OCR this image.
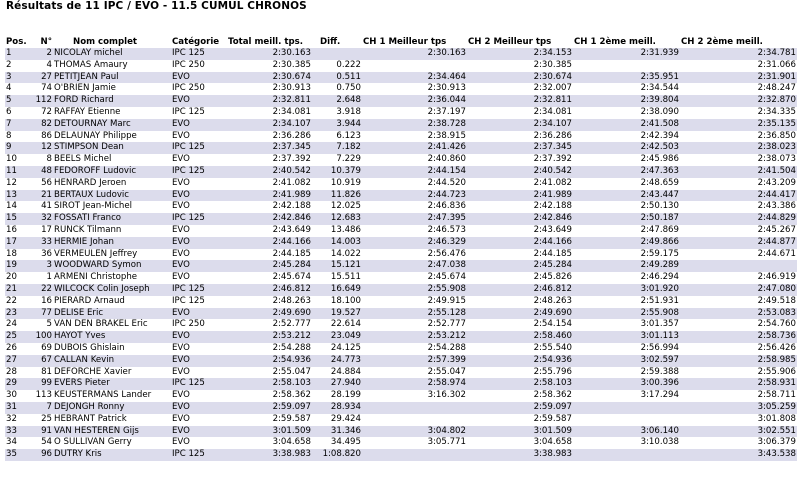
Résultats de 11 IPC / EVO - 11.5 CUMUL CHRONOS
Pos.	N°	Nom complet	Catégorie	Total meill. tps.	Diff.	CH 1 Meilleur tps	CH 2 Meilleur tps	CH 1 2ème meill.	CH 2 2ème meill.
1	2	NICOLAY michel	IPC 125	2:30.163		2:30.163	2:34.153	2:31.939	2:34.781
2	4	THOMAS Amaury	IPC 250	2:30.385	0.222		2:30.385		2:31.066
3	27	PETITJEAN Paul	EVO	2:30.674	0.511	2:34.464	2:30.674	2:35.951	2:31.901
4	74	O'BRIEN Jamie	IPC 250	2:30.913	0.750	2:30.913	2:32.007	2:34.544	2:48.247
5	112	FORD Richard	EVO	2:32.811	2.648	2:36.044	2:32.811	2:39.804	2:32.870
6	72	RAFFAY Etienne	IPC 125	2:34.081	3.918	2:37.197	2:34.081	2:38.090	2:34.335
7	82	DETOURNAY Marc	EVO	2:34.107	3.944	2:38.728	2:34.107	2:41.508	2:35.135
8	86	DELAUNAY Philippe	EVO	2:36.286	6.123	2:38.915	2:36.286	2:42.394	2:36.850
9	12	STIMPSON Dean	IPC 125	2:37.345	7.182	2:41.426	2:37.345	2:42.503	2:38.023
10	8	BEELS Michel	EVO	2:37.392	7.229	2:40.860	2:37.392	2:45.986	2:38.073
11	48	FEDOROFF Ludovic	IPC 125	2:40.542	10.379	2:44.154	2:40.542	2:47.363	2:41.504
12	56	HENRARD Jeroen	EVO	2:41.082	10.919	2:44.520	2:41.082	2:48.659	2:43.209
13	21	BERTAUX Ludovic	EVO	2:41.989	11.826	2:44.723	2:41.989	2:43.447	2:44.417
14	41	SIROT Jean-Michel	EVO	2:42.188	12.025	2:46.836	2:42.188	2:50.130	2:43.386
15	32	FOSSATI Franco	IPC 125	2:42.846	12.683	2:47.395	2:42.846	2:50.187	2:44.829
16	17	RUNCK Tilmann	EVO	2:43.649	13.486	2:46.573	2:43.649	2:47.869	2:45.267
17	33	HERMIE Johan	EVO	2:44.166	14.003	2:46.329	2:44.166	2:49.866	2:44.877
18	36	VERMEULEN Jeffrey	EVO	2:44.185	14.022	2:56.476	2:44.185	2:59.175	2:44.671
19	3	WOODWARD Symon	EVO	2:45.284	15.121	2:47.038	2:45.284	2:49.289	
20	1	ARMENI Christophe	EVO	2:45.674	15.511	2:45.674	2:45.826	2:46.294	2:46.919
21	22	WILCOCK Colin Joseph	IPC 125	2:46.812	16.649	2:55.908	2:46.812	3:01.920	2:47.080
22	16	PIERARD Arnaud	IPC 125	2:48.263	18.100	2:49.915	2:48.263	2:51.931	2:49.518
23	77	DELISE Eric	EVO	2:49.690	19.527	2:55.128	2:49.690	2:55.908	2:53.083
24	5	VAN DEN BRAKEL Eric	IPC 250	2:52.777	22.614	2:52.777	2:54.154	3:01.357	2:54.760
25	100	HAYOT Yves	EVO	2:53.212	23.049	2:53.212	2:58.460	3:01.113	2:58.736
26	69	DUBOIS Ghislain	EVO	2:54.288	24.125	2:54.288	2:55.540	2:56.994	2:56.426
27	67	CALLAN Kevin	EVO	2:54.936	24.773	2:57.399	2:54.936	3:02.597	2:58.985
28	81	DEFORCHE Xavier	EVO	2:55.047	24.884	2:55.047	2:55.796	2:59.388	2:55.906
29	99	EVERS Pieter	IPC 125	2:58.103	27.940	2:58.974	2:58.103	3:00.396	2:58.931
30	113	KEUSTERMANS Lander	EVO	2:58.362	28.199	3:16.302	2:58.362	3:17.294	2:58.711
31	7	DEJONGH Ronny	EVO	2:59.097	28.934		2:59.097		3:05.259
32	25	HEBRANT Patrick	EVO	2:59.587	29.424		2:59.587		3:01.808
33	91	VAN HESTEREN Gijs	EVO	3:01.509	31.346	3:04.802	3:01.509	3:06.140	3:02.551
34	54	O SULLIVAN Gerry	EVO	3:04.658	34.495	3:05.771	3:04.658	3:10.038	3:06.379
35	96	DUTRY Kris	IPC 125	3:38.983	1:08.820		3:38.983		3:43.538
